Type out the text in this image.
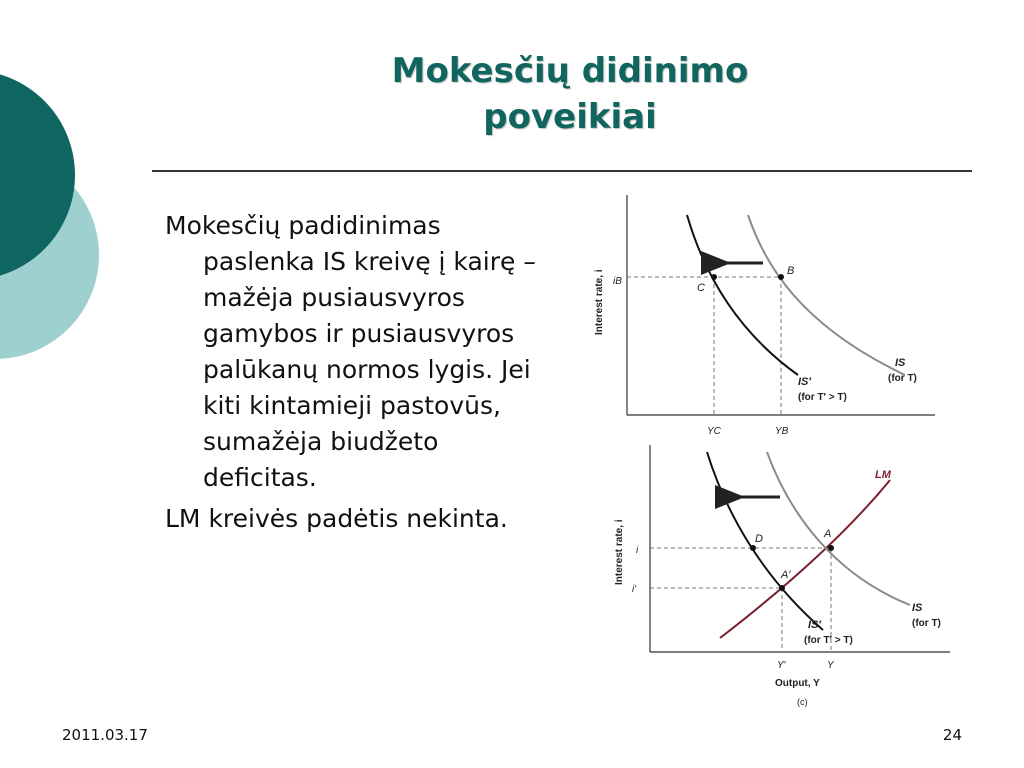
Mokesčių didinimo
poveikiai

Mokesčių padidinimas paslenka IS kreivę į kairę – mažėja pusiausvyros gamybos ir pusiausvyros palūkanų normos lygis. Jei kiti kintamieji pastovūs, sumažėja biudžeto deficitas.

LM kreivės padėtis nekinta.

Interest rate, i iB
C
B
IS
(for T)
IS′
(for T′ > T)
YC	YB
Interest rate, i
LM
D	A
A′
i
i′
IS
(for T)
IS′
(for T′ > T)
Y′	Y
Output, Y
(c)
2011.03.17	24
